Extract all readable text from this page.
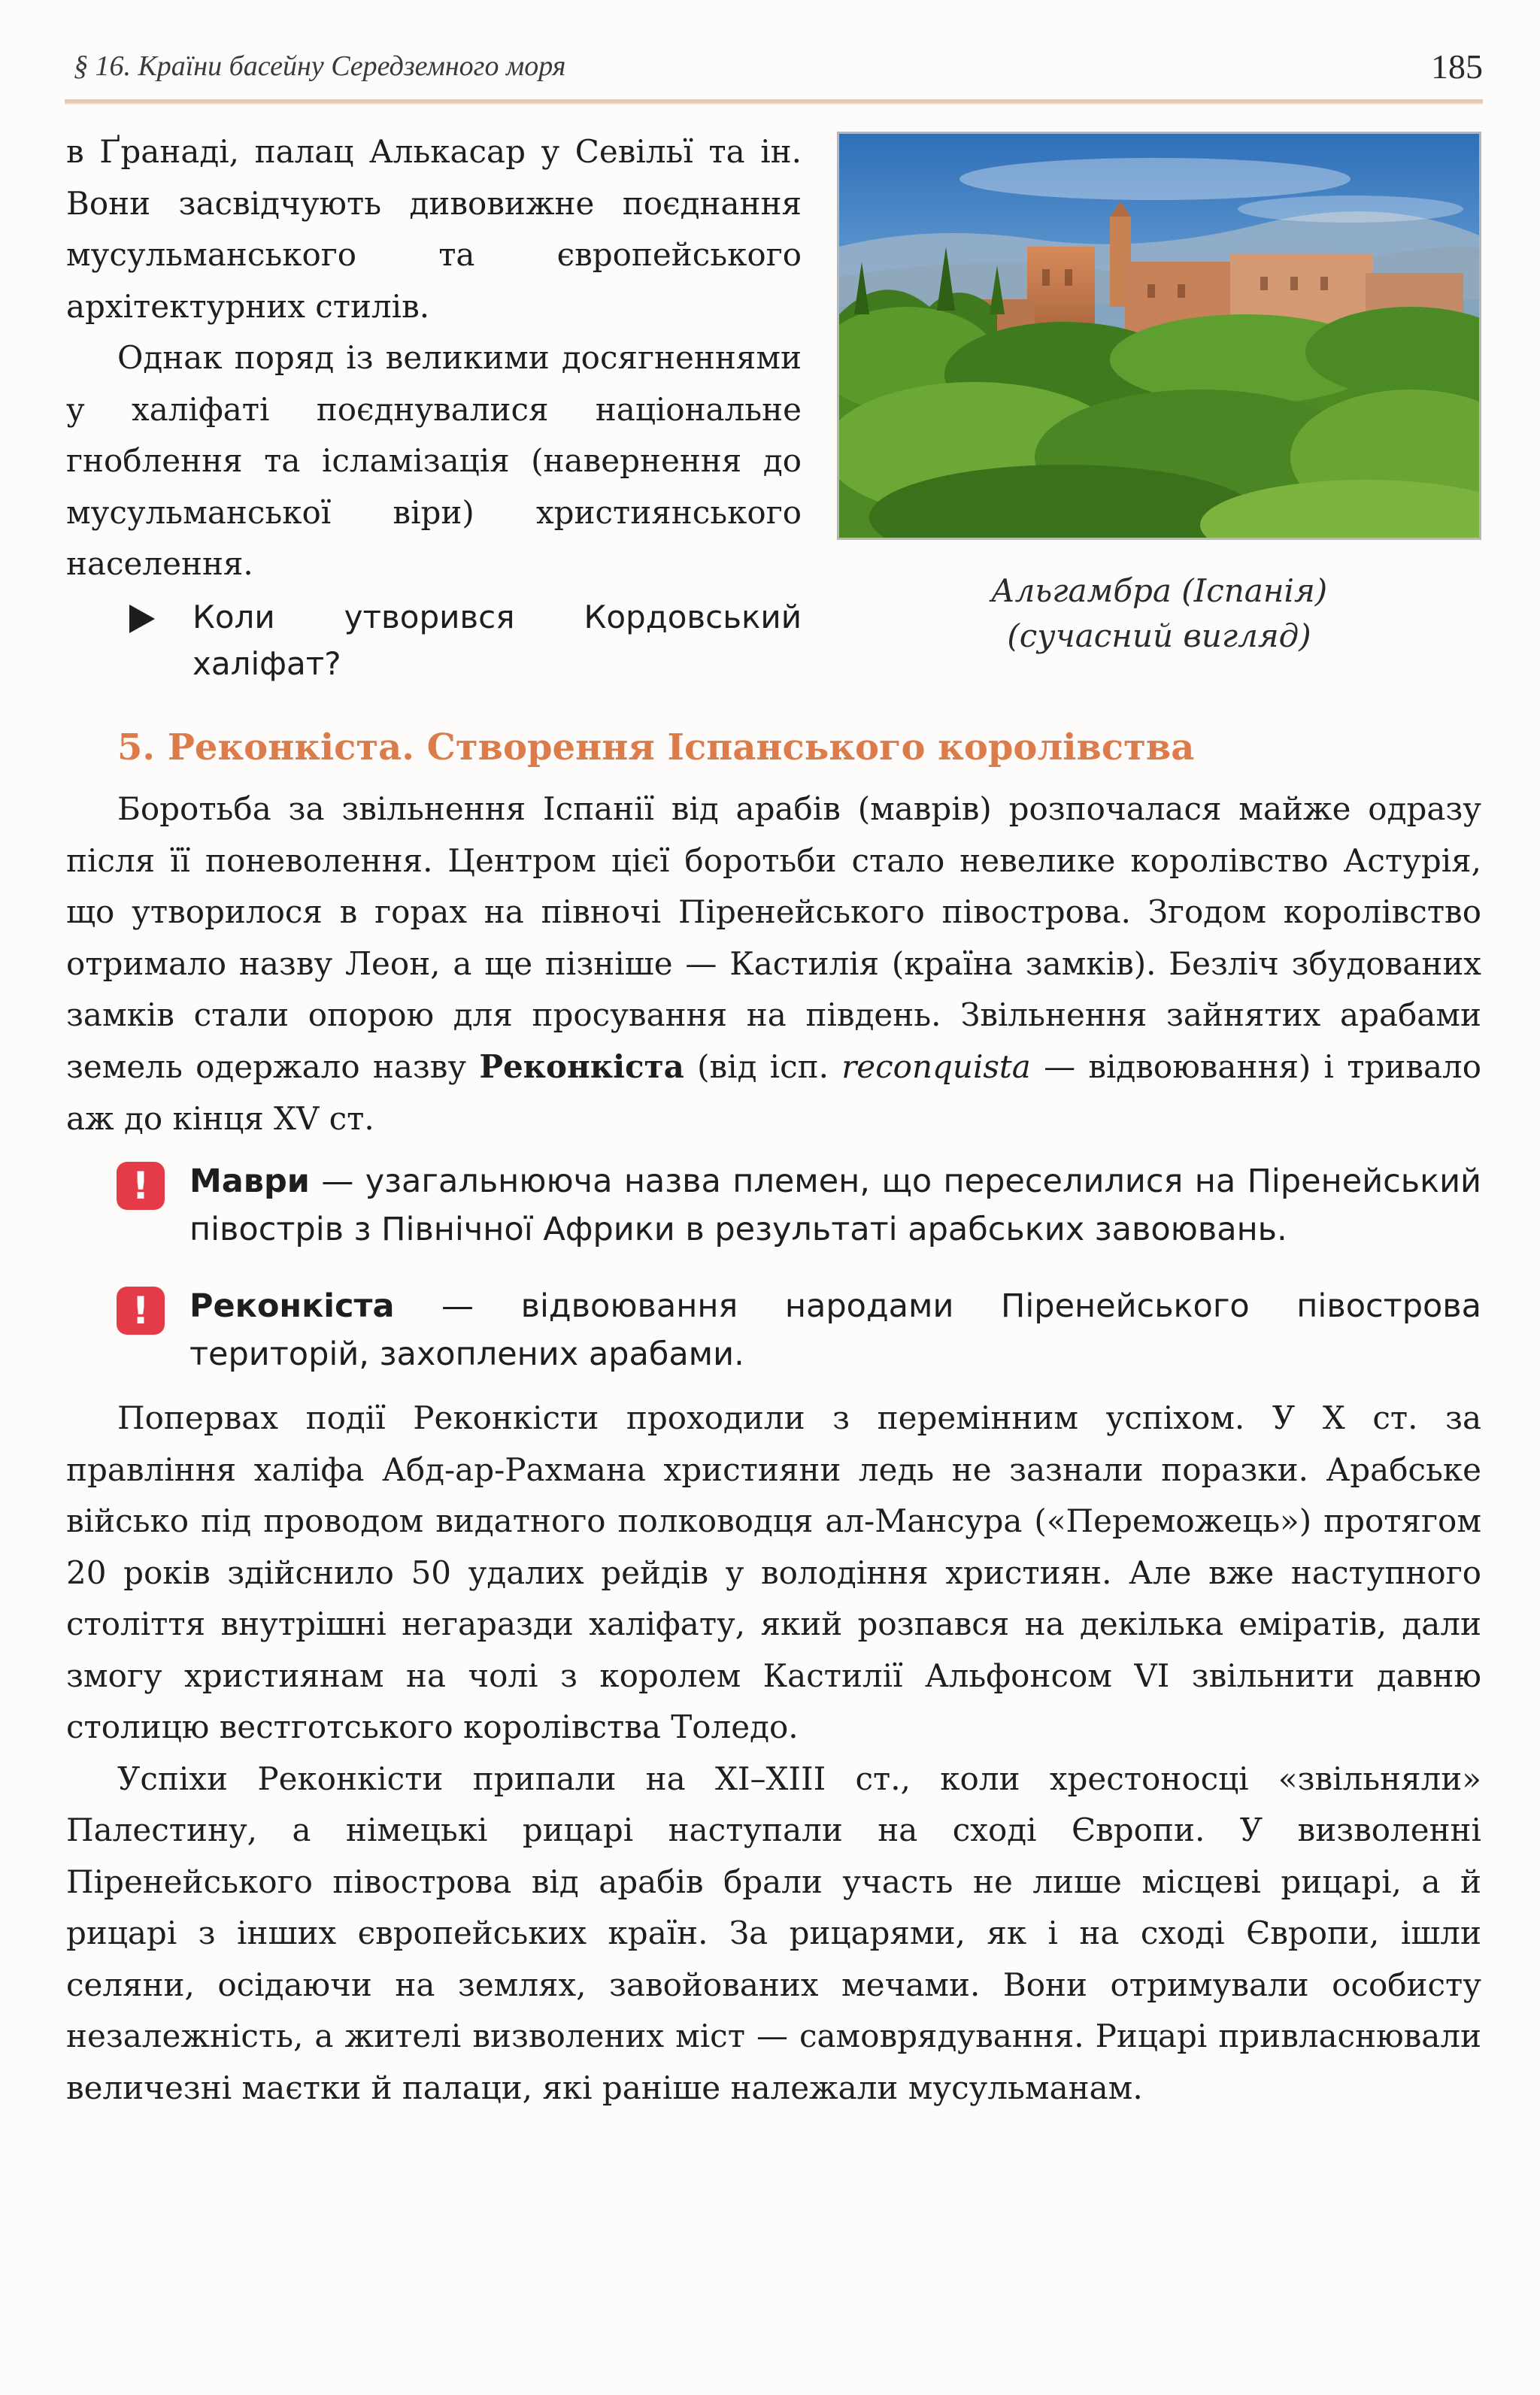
§ 16. Країни басейну Середземного моря	185

в Ґранаді, палац Алькасар у Севільї та ін. Вони засвідчують дивовижне поєднання мусульманського та європейського архітектурних стилів.

Однак поряд із великими досягненнями у халіфаті поєднувалися національне гноблення та ісламізація (навернення до мусульманської віри) християнського населення.

Коли утворився Кордовський халіфат?
Альгамбра (Іспанія)
(сучасний вигляд)
5. Реконкіста. Створення Іспанського королівства

Боротьба за звільнення Іспанії від арабів (маврів) розпочалася майже одразу після її поневолення. Центром цієї боротьби стало невелике королівство Астурія, що утворилося в горах на півночі Піренейського півострова. Згодом королівство отримало назву Леон, а ще пізніше — Кастилія (країна замків). Безліч збудованих замків стали опорою для просування на південь. Звільнення зайнятих арабами земель одержало назву Реконкіста (від ісп. reconquista — відвоювання) і тривало аж до кінця XV ст.

!	Маври — узагальнююча назва племен, що переселилися на Піренейський півострів з Північної Африки в результаті арабських завоювань.
!	Реконкіста — відвоювання народами Піренейського півострова територій, захоплених арабами.

Поперваx події Реконкісти проходили з перемінним успіхом. У X ст. за правління халіфа Абд-ар-Рахмана християни ледь не зазнали поразки. Арабське військо під проводом видатного полководця ал-Мансура («Переможець») протягом 20 років здійснило 50 удалих рейдів у володіння християн. Але вже наступного століття внутрішні негаразди халіфату, який розпався на декілька еміратів, дали змогу християнам на чолі з королем Кастилії Альфонсом VI звільнити давню столицю вестготського королівства Толедо.

Успіхи Реконкісти припали на XI–XIII ст., коли хрестоносці «звільняли» Палестину, а німецькі рицарі наступали на сході Європи. У визволенні Піренейського півострова від арабів брали участь не лише місцеві рицарі, а й рицарі з інших європейських країн. За рицарями, як і на сході Європи, ішли селяни, осідаючи на землях, завойованих мечами. Вони отримували особисту незалежність, а жителі визволених міст — самоврядування. Рицарі привласнювали величезні маєтки й палаци, які раніше належали мусульманам.
